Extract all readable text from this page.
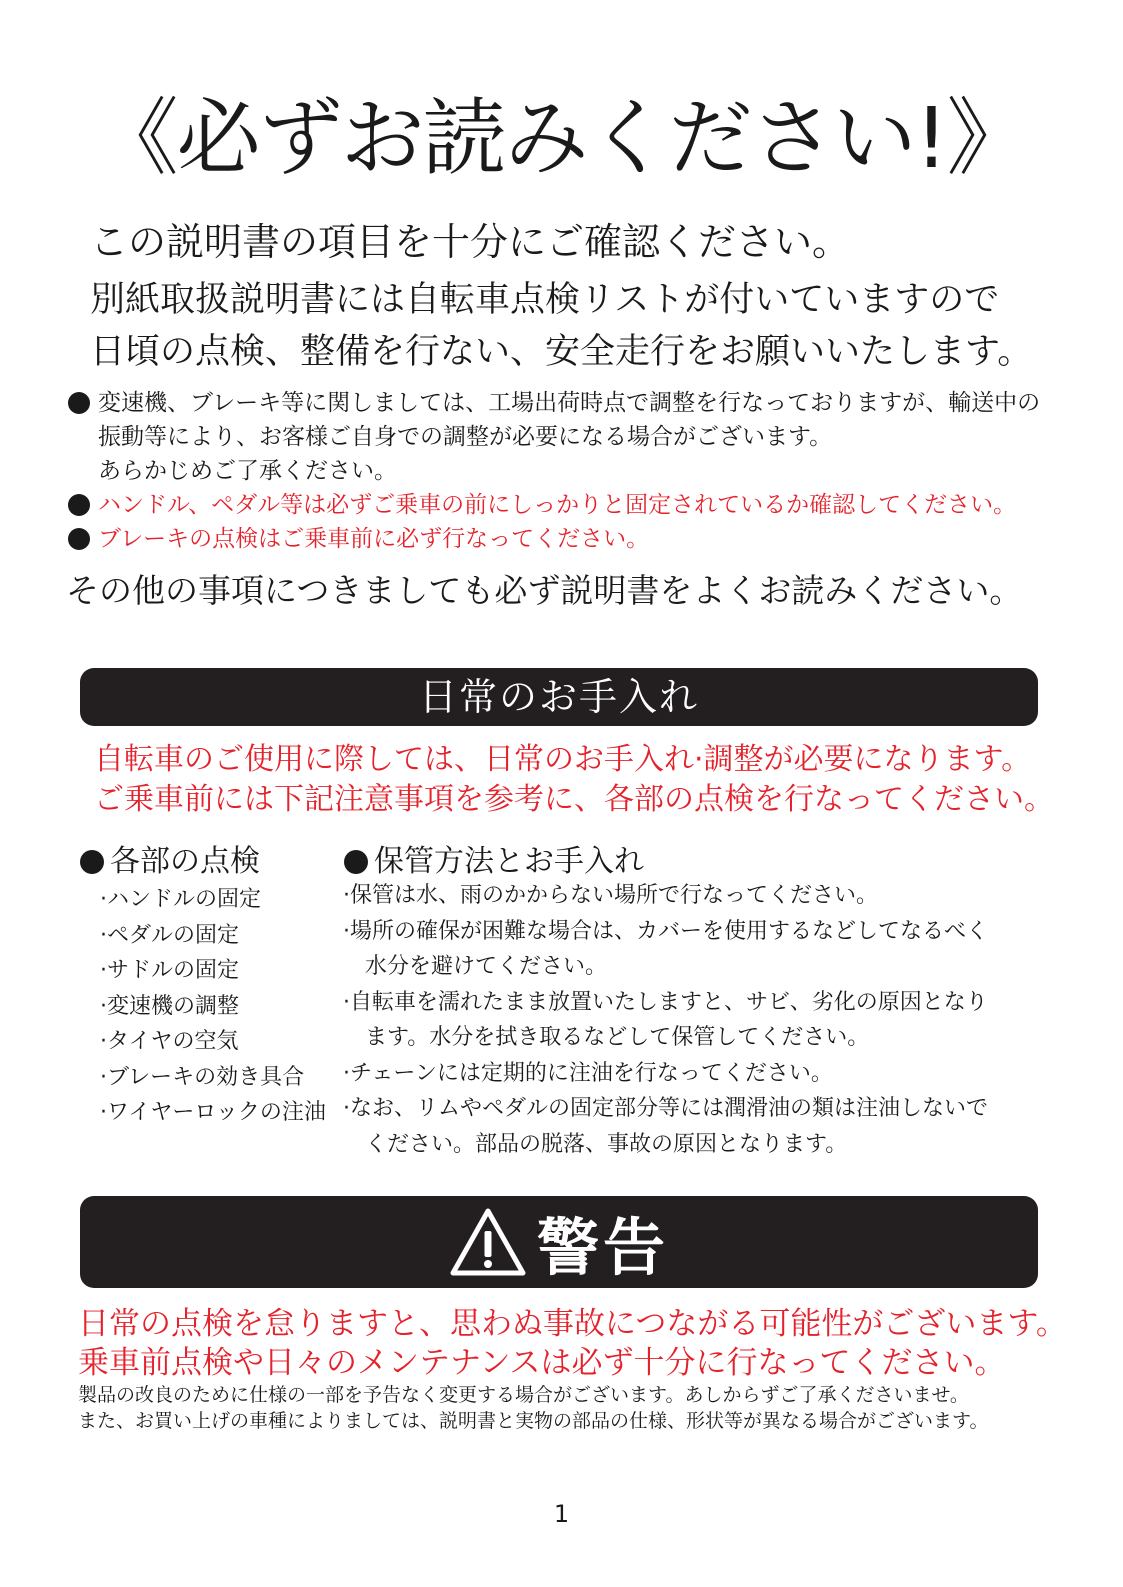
《必ずお読みください!》
この説明書の項目を十分にご確認ください。
別紙取扱説明書には自転車点検リストが付いていますので
日頃の点検、整備を行ない、安全走行をお願いいたします。
変速機、ブレーキ等に関しましては、工場出荷時点で調整を行なっておりますが、輸送中の
振動等により、お客様ご自身での調整が必要になる場合がございます。
あらかじめご了承ください。
ハンドル、ペダル等は必ずご乗車の前にしっかりと固定されているか確認してください。
ブレーキの点検はご乗車前に必ず行なってください。
その他の事項につきましても必ず説明書をよくお読みください。
日常のお手入れ
自転車のご使用に際しては、日常のお手入れ·調整が必要になります。
ご乗車前には下記注意事項を参考に、各部の点検を行なってください。
各部の点検	保管方法とお手入れ
·ハンドルの固定
·ペダルの固定
·サドルの固定
·変速機の調整
·タイヤの空気
·ブレーキの効き具合
·ワイヤーロックの注油
·保管は水、雨のかからない場所で行なってください。
·場所の確保が困難な場合は、カバーを使用するなどしてなるべく
　水分を避けてください。
·自転車を濡れたまま放置いたしますと、サビ、劣化の原因となり
　ます。水分を拭き取るなどして保管してください。
·チェーンには定期的に注油を行なってください。
·なお、リムやペダルの固定部分等には潤滑油の類は注油しないで
　ください。部品の脱落、事故の原因となります。
警告
日常の点検を怠りますと、思わぬ事故につながる可能性がございます。
乗車前点検や日々のメンテナンスは必ず十分に行なってください。
製品の改良のために仕様の一部を予告なく変更する場合がございます。あしからずご了承くださいませ。
また、お買い上げの車種によりましては、説明書と実物の部品の仕様、形状等が異なる場合がございます。
1
